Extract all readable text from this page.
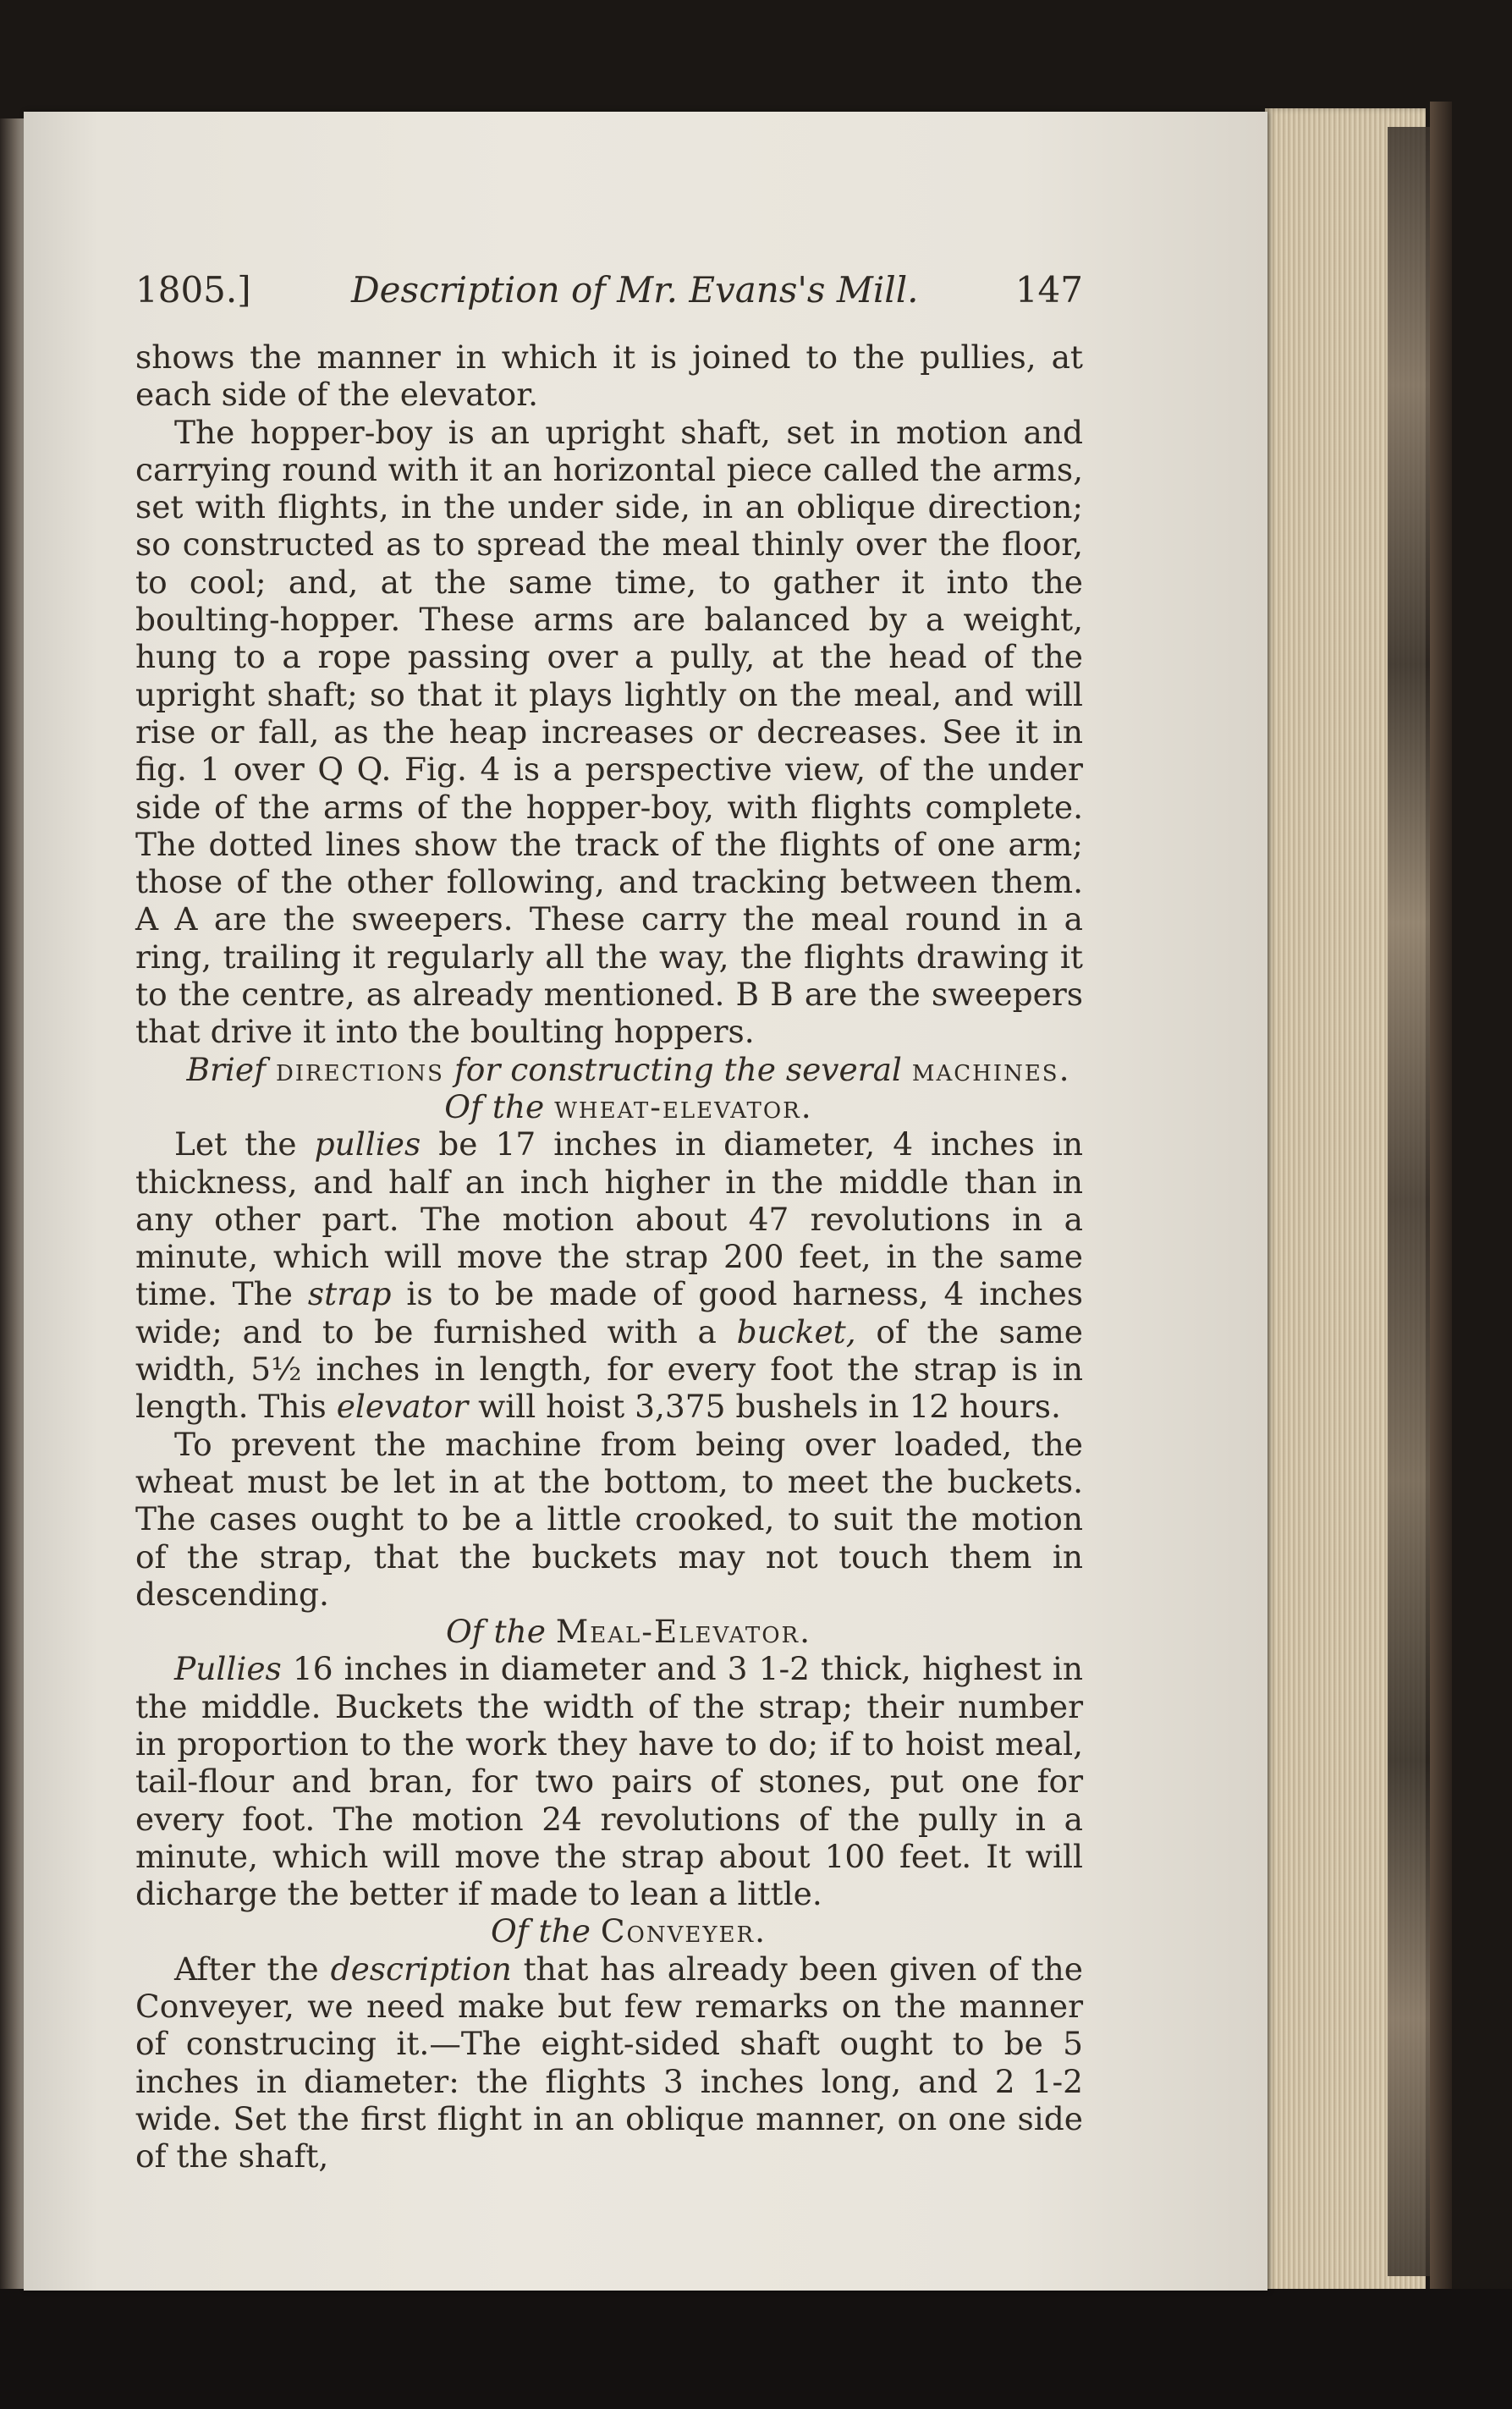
1805.]	Description of Mr. Evans's Mill.	147

shows the manner in which it is joined to the pullies, at each side of the elevator.

The hopper-boy is an upright shaft, set in motion and carrying round with it an horizontal piece called the arms, set with flights, in the under side, in an oblique direction; so constructed as to spread the meal thinly over the floor, to cool; and, at the same time, to gather it into the boulting-hopper. These arms are balanced by a weight, hung to a rope passing over a pully, at the head of the upright shaft; so that it plays lightly on the meal, and will rise or fall, as the heap increases or decreases. See it in fig. 1 over Q Q. Fig. 4 is a perspective view, of the under side of the arms of the hopper-boy, with flights complete. The dotted lines show the track of the flights of one arm; those of the other following, and tracking between them. A A are the sweepers. These carry the meal round in a ring, trailing it regularly all the way, the flights drawing it to the centre, as already mentioned. B B are the sweepers that drive it into the boulting hoppers.

Brief directions for constructing the several machines.

Of the wheat-elevator.

Let the pullies be 17 inches in diameter, 4 inches in thickness, and half an inch higher in the middle than in any other part. The motion about 47 revolutions in a minute, which will move the strap 200 feet, in the same time. The strap is to be made of good harness, 4 inches wide; and to be furnished with a bucket, of the same width, 5½ inches in length, for every foot the strap is in length. This elevator will hoist 3,375 bushels in 12 hours.

To prevent the machine from being over loaded, the wheat must be let in at the bottom, to meet the buckets. The cases ought to be a little crooked, to suit the motion of the strap, that the buckets may not touch them in descending.

Of the Meal-Elevator.

Pullies 16 inches in diameter and 3 1-2 thick, highest in the middle. Buckets the width of the strap; their number in proportion to the work they have to do; if to hoist meal, tail-flour and bran, for two pairs of stones, put one for every foot. The motion 24 revolutions of the pully in a minute, which will move the strap about 100 feet. It will dicharge the better if made to lean a little.

Of the Conveyer.

After the description that has already been given of the Conveyer, we need make but few remarks on the manner of construcing it.—The eight-sided shaft ought to be 5 inches in diameter: the flights 3 inches long, and 2 1-2 wide. Set the first flight in an oblique manner, on one side of the shaft,
